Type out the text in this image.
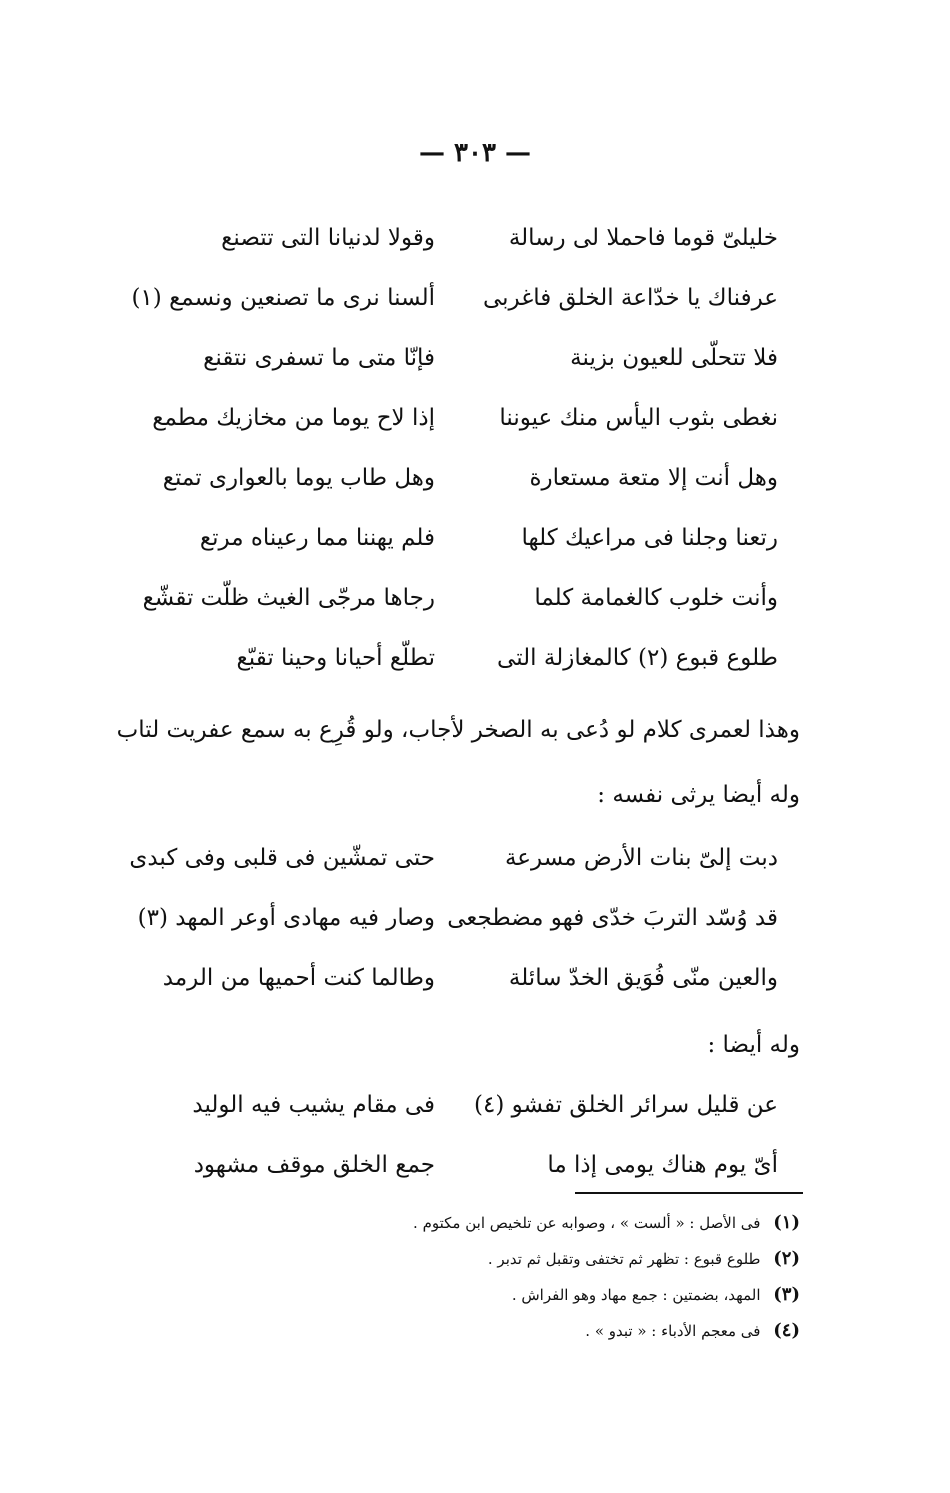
— ٣٠٣ —
خليلىّ قوما فاحملا لى رسالة
وقولا لدنيانا التى تتصنع
عرفناك يا خدّاعة الخلق فاغربى
ألسنا نرى ما تصنعين ونسمع (١)
فلا تتحلّى للعيون بزينة
فإنّا متى ما تسفرى نتقنع
نغطى بثوب اليأس منك عيوننا
إذا لاح يوما من مخازيك مطمع
وهل أنت إلا متعة مستعارة
وهل طاب يوما بالعوارى تمتع
رتعنا وجلنا فى مراعيك كلها
فلم يهننا مما رعيناه مرتع
وأنت خلوب كالغمامة كلما
رجاها مرجّى الغيث ظلّت تقشّع
طلوع قبوع (٢) كالمغازلة التى
تطلّع أحيانا وحينا تقبّع
وهذا لعمرى كلام لو دُعى به الصخر لأجاب، ولو قُرِع به سمع عفريت لتاب
وله أيضا يرثى نفسه :
دبت إلىّ بنات الأرض مسرعة
حتى تمشّين فى قلبى وفى كبدى
قد وُسّد التربَ خدّى فهو مضطجعى
وصار فيه مهادى أوعر المهد (٣)
والعين منّى فُوَيق الخدّ سائلة
وطالما كنت أحميها من الرمد
وله أيضا :
عن قليل سرائر الخلق تفشو (٤)
فى مقام يشيب فيه الوليد
أىّ يوم هناك يومى إذا ما
جمع الخلق موقف مشهود
(١) فى الأصل : « ألست » ، وصوابه عن تلخيص ابن مكتوم .
(٢) طلوع قبوع : تظهر ثم تختفى وتقبل ثم تدبر .
(٣) المهد، بضمتين : جمع مهاد وهو الفراش .
(٤) فى معجم الأدباء : « تبدو » .
